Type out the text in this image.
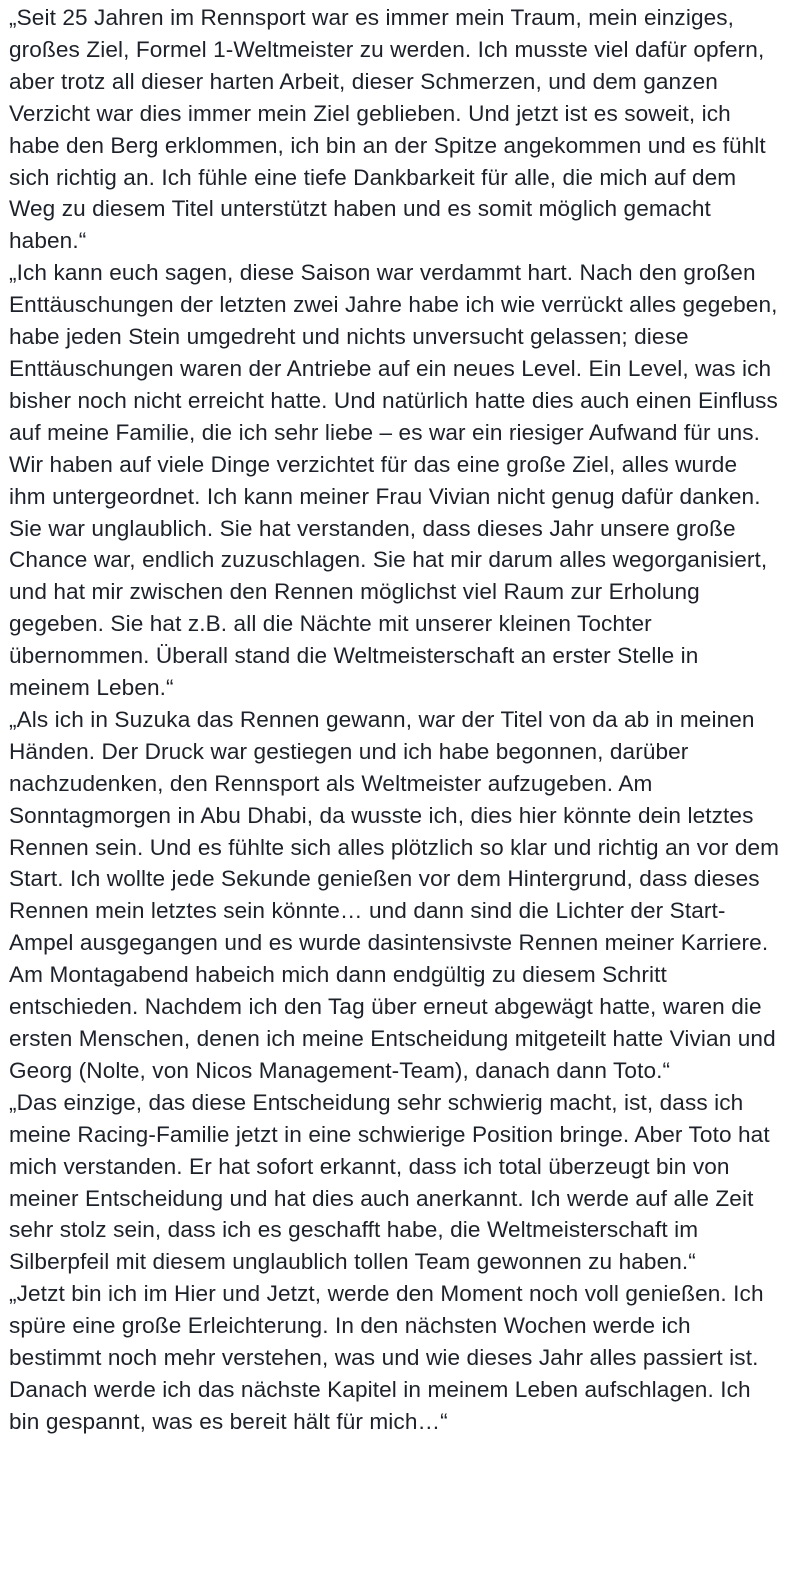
„Seit 25 Jahren im Rennsport war es immer mein Traum, mein einziges, großes Ziel, Formel 1-Weltmeister zu werden. Ich musste viel dafür opfern, aber trotz all dieser harten Arbeit, dieser Schmerzen, und dem ganzen Verzicht war dies immer mein Ziel geblieben. Und jetzt ist es soweit, ich habe den Berg erklommen, ich bin an der Spitze angekommen und es fühlt sich richtig an. Ich fühle eine tiefe Dankbarkeit für alle, die mich auf dem Weg zu diesem Titel unterstützt haben und es somit möglich gemacht haben.“

„Ich kann euch sagen, diese Saison war verdammt hart. Nach den großen Enttäuschungen der letzten zwei Jahre habe ich wie verrückt alles gegeben, habe jeden Stein umgedreht und nichts unversucht gelassen; diese Enttäuschungen waren der Antriebe auf ein neues Level. Ein Level, was ich bisher noch nicht erreicht hatte. Und natürlich hatte dies auch einen Einfluss auf meine Familie, die ich sehr liebe – es war ein riesiger Aufwand für uns. Wir haben auf viele Dinge verzichtet für das eine große Ziel, alles wurde ihm untergeordnet. Ich kann meiner Frau Vivian nicht genug dafür danken. Sie war unglaublich. Sie hat verstanden, dass dieses Jahr unsere große Chance war, endlich zuzuschlagen. Sie hat mir darum alles wegorganisiert, und hat mir zwischen den Rennen möglichst viel Raum zur Erholung gegeben. Sie hat z.B. all die Nächte mit unserer kleinen Tochter übernommen. Überall stand die Weltmeisterschaft an erster Stelle in meinem Leben.“

„Als ich in Suzuka das Rennen gewann, war der Titel von da ab in meinen Händen. Der Druck war gestiegen und ich habe begonnen, darüber nachzudenken, den Rennsport als Weltmeister aufzugeben. Am Sonntagmorgen in Abu Dhabi, da wusste ich, dies hier könnte dein letztes Rennen sein. Und es fühlte sich alles plötzlich so klar und richtig an vor dem Start. Ich wollte jede Sekunde genießen vor dem Hintergrund, dass dieses Rennen mein letztes sein könnte… und dann sind die Lichter der Start-Ampel ausgegangen und es wurde dasintensivste Rennen meiner Karriere. Am Montagabend habeich mich dann endgültig zu diesem Schritt entschieden. Nachdem ich den Tag über erneut abgewägt hatte, waren die ersten Menschen, denen ich meine Entscheidung mitgeteilt hatte Vivian und Georg (Nolte, von Nicos Management-Team), danach dann Toto.“

„Das einzige, das diese Entscheidung sehr schwierig macht, ist, dass ich meine Racing-Familie jetzt in eine schwierige Position bringe. Aber Toto hat mich verstanden. Er hat sofort erkannt, dass ich total überzeugt bin von meiner Entscheidung und hat dies auch anerkannt. Ich werde auf alle Zeit sehr stolz sein, dass ich es geschafft habe, die Weltmeisterschaft im Silberpfeil mit diesem unglaublich tollen Team gewonnen zu haben.“

„Jetzt bin ich im Hier und Jetzt, werde den Moment noch voll genießen. Ich spüre eine große Erleichterung. In den nächsten Wochen werde ich bestimmt noch mehr verstehen, was und wie dieses Jahr alles passiert ist. Danach werde ich das nächste Kapitel in meinem Leben aufschlagen. Ich bin gespannt, was es bereit hält für mich…“
